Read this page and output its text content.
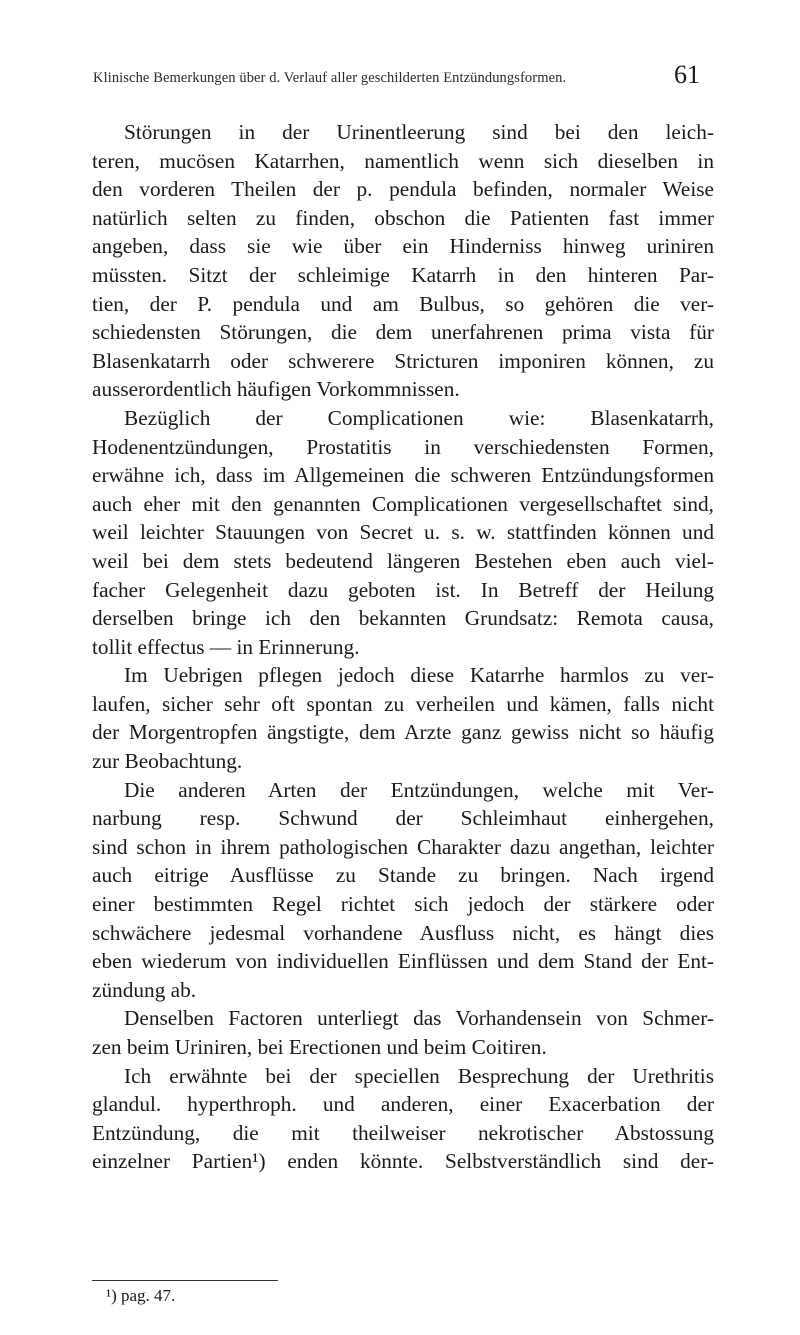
Klinische Bemerkungen über d. Verlauf aller geschilderten Entzündungsformen.	61
Störungen in der Urinentleerung sind bei den leich-
teren, mucösen Katarrhen, namentlich wenn sich dieselben in
den vorderen Theilen der p. pendula befinden, normaler Weise
natürlich selten zu finden, obschon die Patienten fast immer
angeben, dass sie wie über ein Hinderniss hinweg uriniren
müssten. Sitzt der schleimige Katarrh in den hinteren Par-
tien, der P. pendula und am Bulbus, so gehören die ver-
schiedensten Störungen, die dem unerfahrenen prima vista für
Blasenkatarrh oder schwerere Stricturen imponiren können, zu
ausserordentlich häufigen Vorkommnissen.
Bezüglich der Complicationen wie: Blasenkatarrh,
Hodenentzündungen, Prostatitis in verschiedensten Formen,
erwähne ich, dass im Allgemeinen die schweren Entzündungsformen
auch eher mit den genannten Complicationen vergesellschaftet sind,
weil leichter Stauungen von Secret u. s. w. stattfinden können und
weil bei dem stets bedeutend längeren Bestehen eben auch viel-
facher Gelegenheit dazu geboten ist. In Betreff der Heilung
derselben bringe ich den bekannten Grundsatz: Remota causa,
tollit effectus — in Erinnerung.
Im Uebrigen pflegen jedoch diese Katarrhe harmlos zu ver-
laufen, sicher sehr oft spontan zu verheilen und kämen, falls nicht
der Morgentropfen ängstigte, dem Arzte ganz gewiss nicht so häufig
zur Beobachtung.
Die anderen Arten der Entzündungen, welche mit Ver-
narbung resp. Schwund der Schleimhaut einhergehen,
sind schon in ihrem pathologischen Charakter dazu angethan, leichter
auch eitrige Ausflüsse zu Stande zu bringen. Nach irgend
einer bestimmten Regel richtet sich jedoch der stärkere oder
schwächere jedesmal vorhandene Ausfluss nicht, es hängt dies
eben wiederum von individuellen Einflüssen und dem Stand der Ent-
zündung ab.
Denselben Factoren unterliegt das Vorhandensein von Schmer-
zen beim Uriniren, bei Erectionen und beim Coitiren.
Ich erwähnte bei der speciellen Besprechung der Urethritis
glandul. hyperthroph. und anderen, einer Exacerbation der
Entzündung, die mit theilweiser nekrotischer Abstossung
einzelner Partien¹) enden könnte. Selbstverständlich sind der-
¹) pag. 47.
